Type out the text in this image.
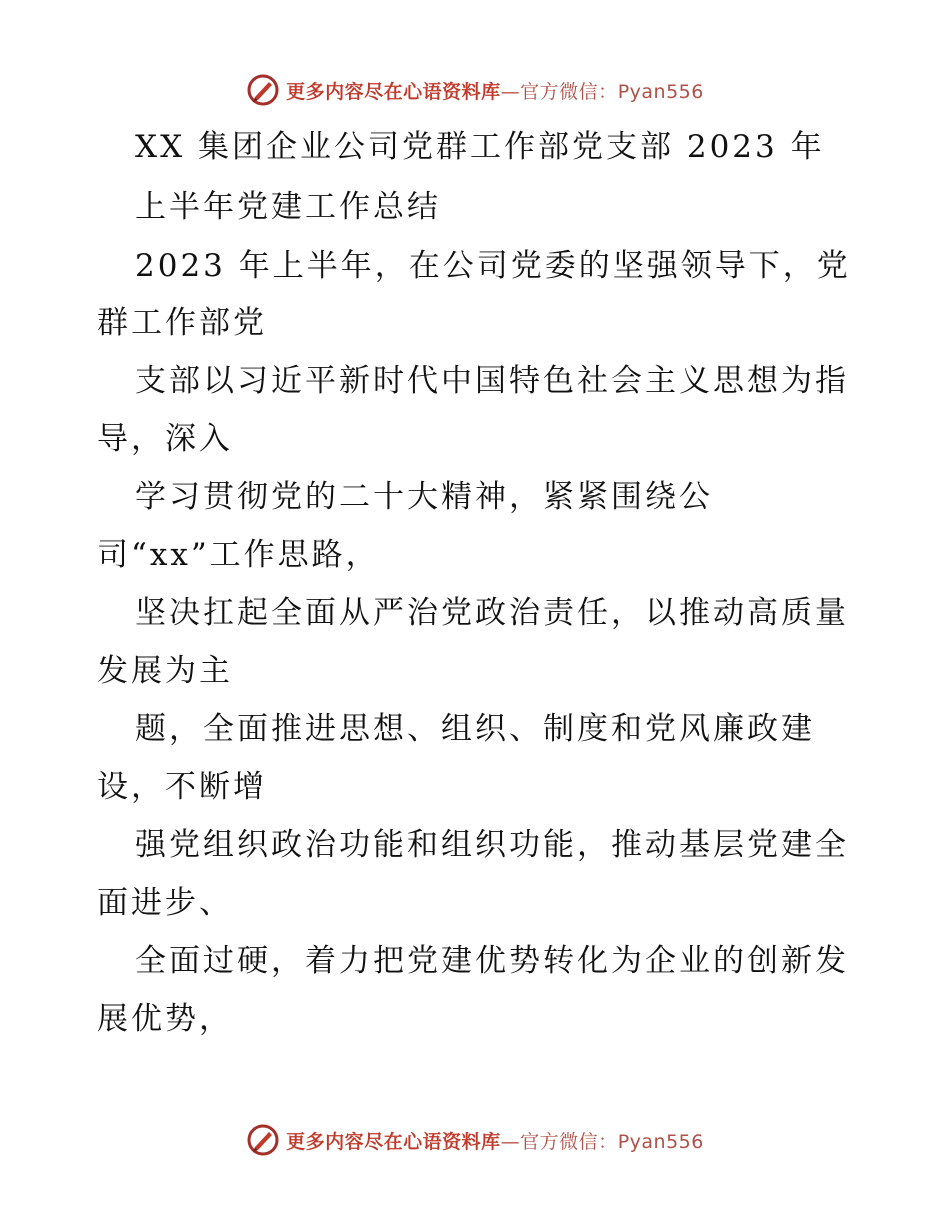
更多内容尽在心语资料库—官方微信：Pyan556
XX 集团企业公司党群工作部党支部 2023 年
上半年党建工作总结
2023 年上半年，在公司党委的坚强领导下，党
群工作部党
支部以习近平新时代中国特色社会主义思想为指
导，深入
学习贯彻党的二十大精神，紧紧围绕公
司“xx”工作思路，
坚决扛起全面从严治党政治责任，以推动高质量
发展为主
题，全面推进思想、组织、制度和党风廉政建
设，不断增
强党组织政治功能和组织功能，推动基层党建全
面进步、
全面过硬，着力把党建优势转化为企业的创新发
展优势，
更多内容尽在心语资料库—官方微信：Pyan556
